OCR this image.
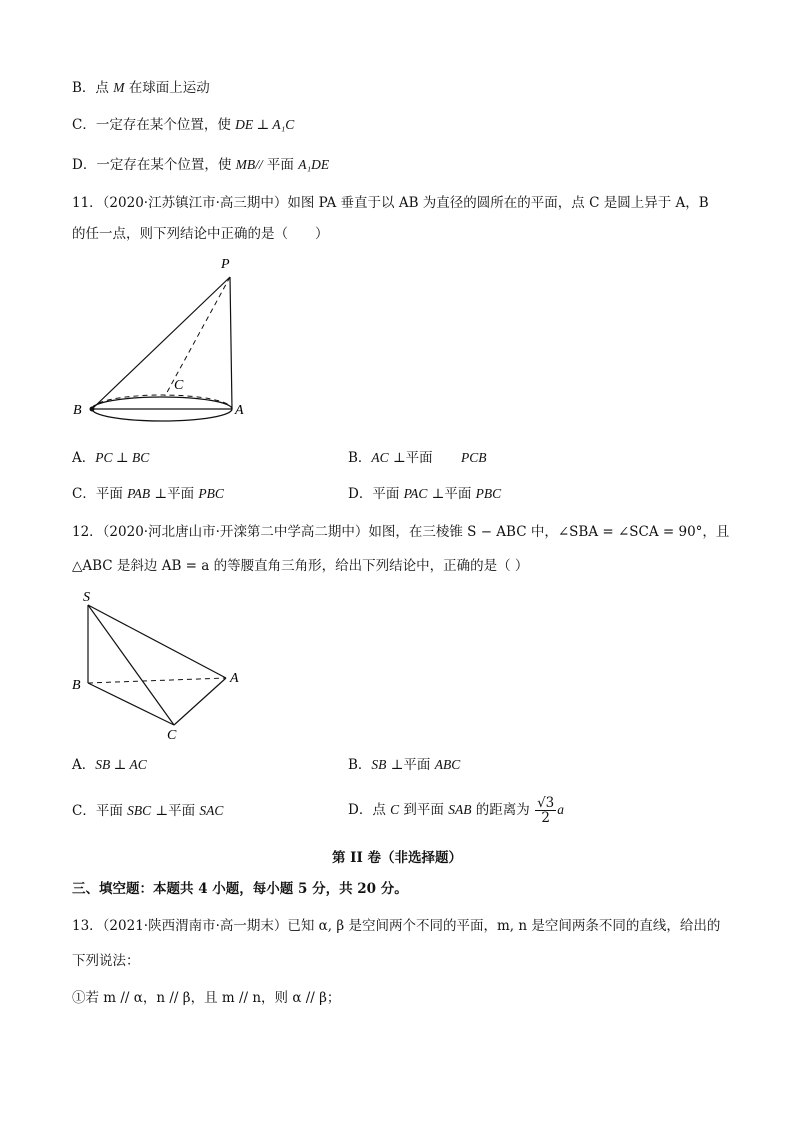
B．点 M 在球面上运动
C．一定存在某个位置，使 DE ⊥ A₁C
D．一定存在某个位置，使 MB// 平面 A₁DE
11．（2020·江苏镇江市·高三期中）如图 PA 垂直于以 AB 为直径的圆所在的平面，点 C 是圆上异于 A，B
的任一点，则下列结论中正确的是（　　）
P
B	A
C
A．PC ⊥ BC	B．AC ⊥平面 PCB
C．平面 PAB ⊥平面 PBC	D．平面 PAC ⊥平面 PBC
12．（2020·河北唐山市·开滦第二中学高二期中）如图，在三棱锥 S − ABC 中，∠SBA = ∠SCA = 90°，且
△ABC 是斜边 AB = a 的等腰直角三角形，给出下列结论中，正确的是（ ）
S
B	A
C
A．SB ⊥ AC	B．SB ⊥平面 ABC
C．平面 SBC ⊥平面 SAC	D．点 C 到平面 SAB 的距离为 $\frac{√3}{2}$ a
第 II 卷（非选择题）
三、填空题：本题共 4 小题，每小题 5 分，共 20 分。
13．（2021·陕西渭南市·高一期末）已知 α, β 是空间两个不同的平面，m, n 是空间两条不同的直线，给出的
下列说法：
①若 m // α，n // β，且 m // n，则 α // β；
